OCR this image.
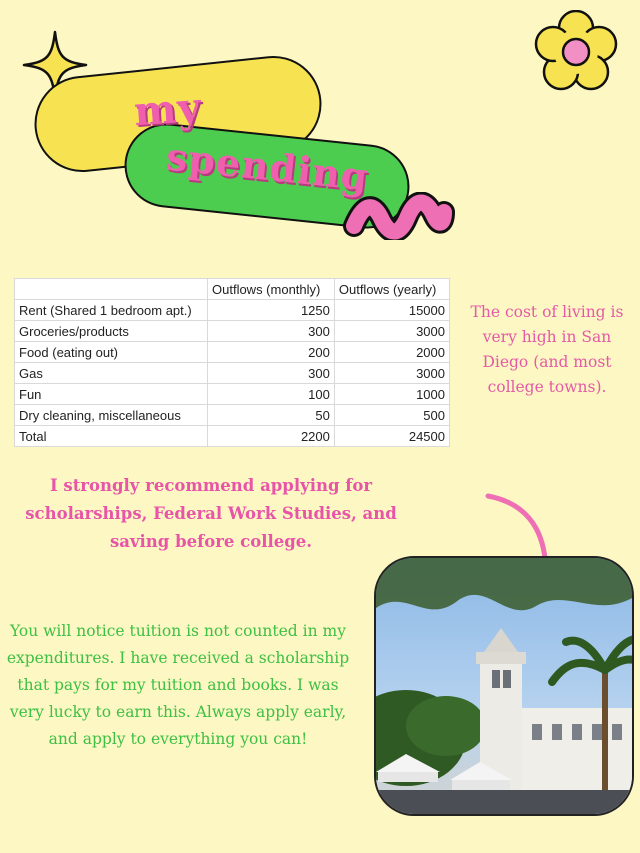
my
spending
	Outflows (monthly)	Outflows (yearly)
Rent (Shared 1 bedroom apt.)	1250	15000
Groceries/products	300	3000
Food (eating out)	200	2000
Gas	300	3000
Fun	100	1000
Dry cleaning, miscellaneous	50	500
Total	2200	24500
The cost of living is very high in San Diego (and most college towns).
I strongly recommend applying for scholarships, Federal Work Studies, and saving before college.
You will notice tuition is not counted in my expenditures. I have received a scholarship that pays for my tuition and books. I was very lucky to earn this. Always apply early, and apply to everything you can!
